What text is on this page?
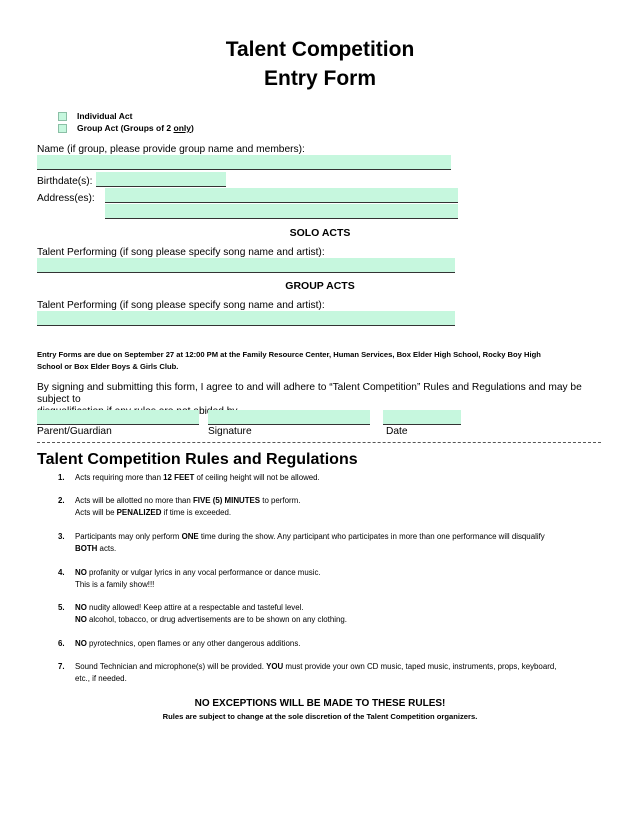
Talent Competition
Entry Form
Individual Act
Group Act (Groups of 2 only)
Name (if group, please provide group name and members):
Birthdate(s):
Address(es):
SOLO ACTS
Talent Performing (if song please specify song name and artist):
GROUP ACTS
Talent Performing (if song please specify song name and artist):
Entry Forms are due on September 27 at 12:00 PM at the Family Resource Center, Human Services, Box Elder High School, Rocky Boy High
School or Box Elder Boys & Girls Club.
By signing and submitting this form, I agree to and will adhere to “Talent Competition” Rules and Regulations and may be subject to
Parent/Guardian	Signature	Date
Talent Competition Rules and Regulations
1.	Acts requiring more than 12 FEET of ceiling height will not be allowed.
2.	Acts will be allotted no more than FIVE (5) MINUTES to perform.
Acts will be PENALIZED if time is exceeded.
3.	Participants may only perform ONE time during the show. Any participant who participates in more than one performance will disqualify
BOTH acts.
4.	NO profanity or vulgar lyrics in any vocal performance or dance music.
This is a family show!!!
5.	NO nudity allowed! Keep attire at a respectable and tasteful level.
NO alcohol, tobacco, or drug advertisements are to be shown on any clothing.
6.	NO pyrotechnics, open flames or any other dangerous additions.
7.	Sound Technician and microphone(s) will be provided. YOU must provide your own CD music, taped music, instruments, props, keyboard,
etc., if needed.
NO EXCEPTIONS WILL BE MADE TO THESE RULES!
Rules are subject to change at the sole discretion of the Talent Competition organizers.
